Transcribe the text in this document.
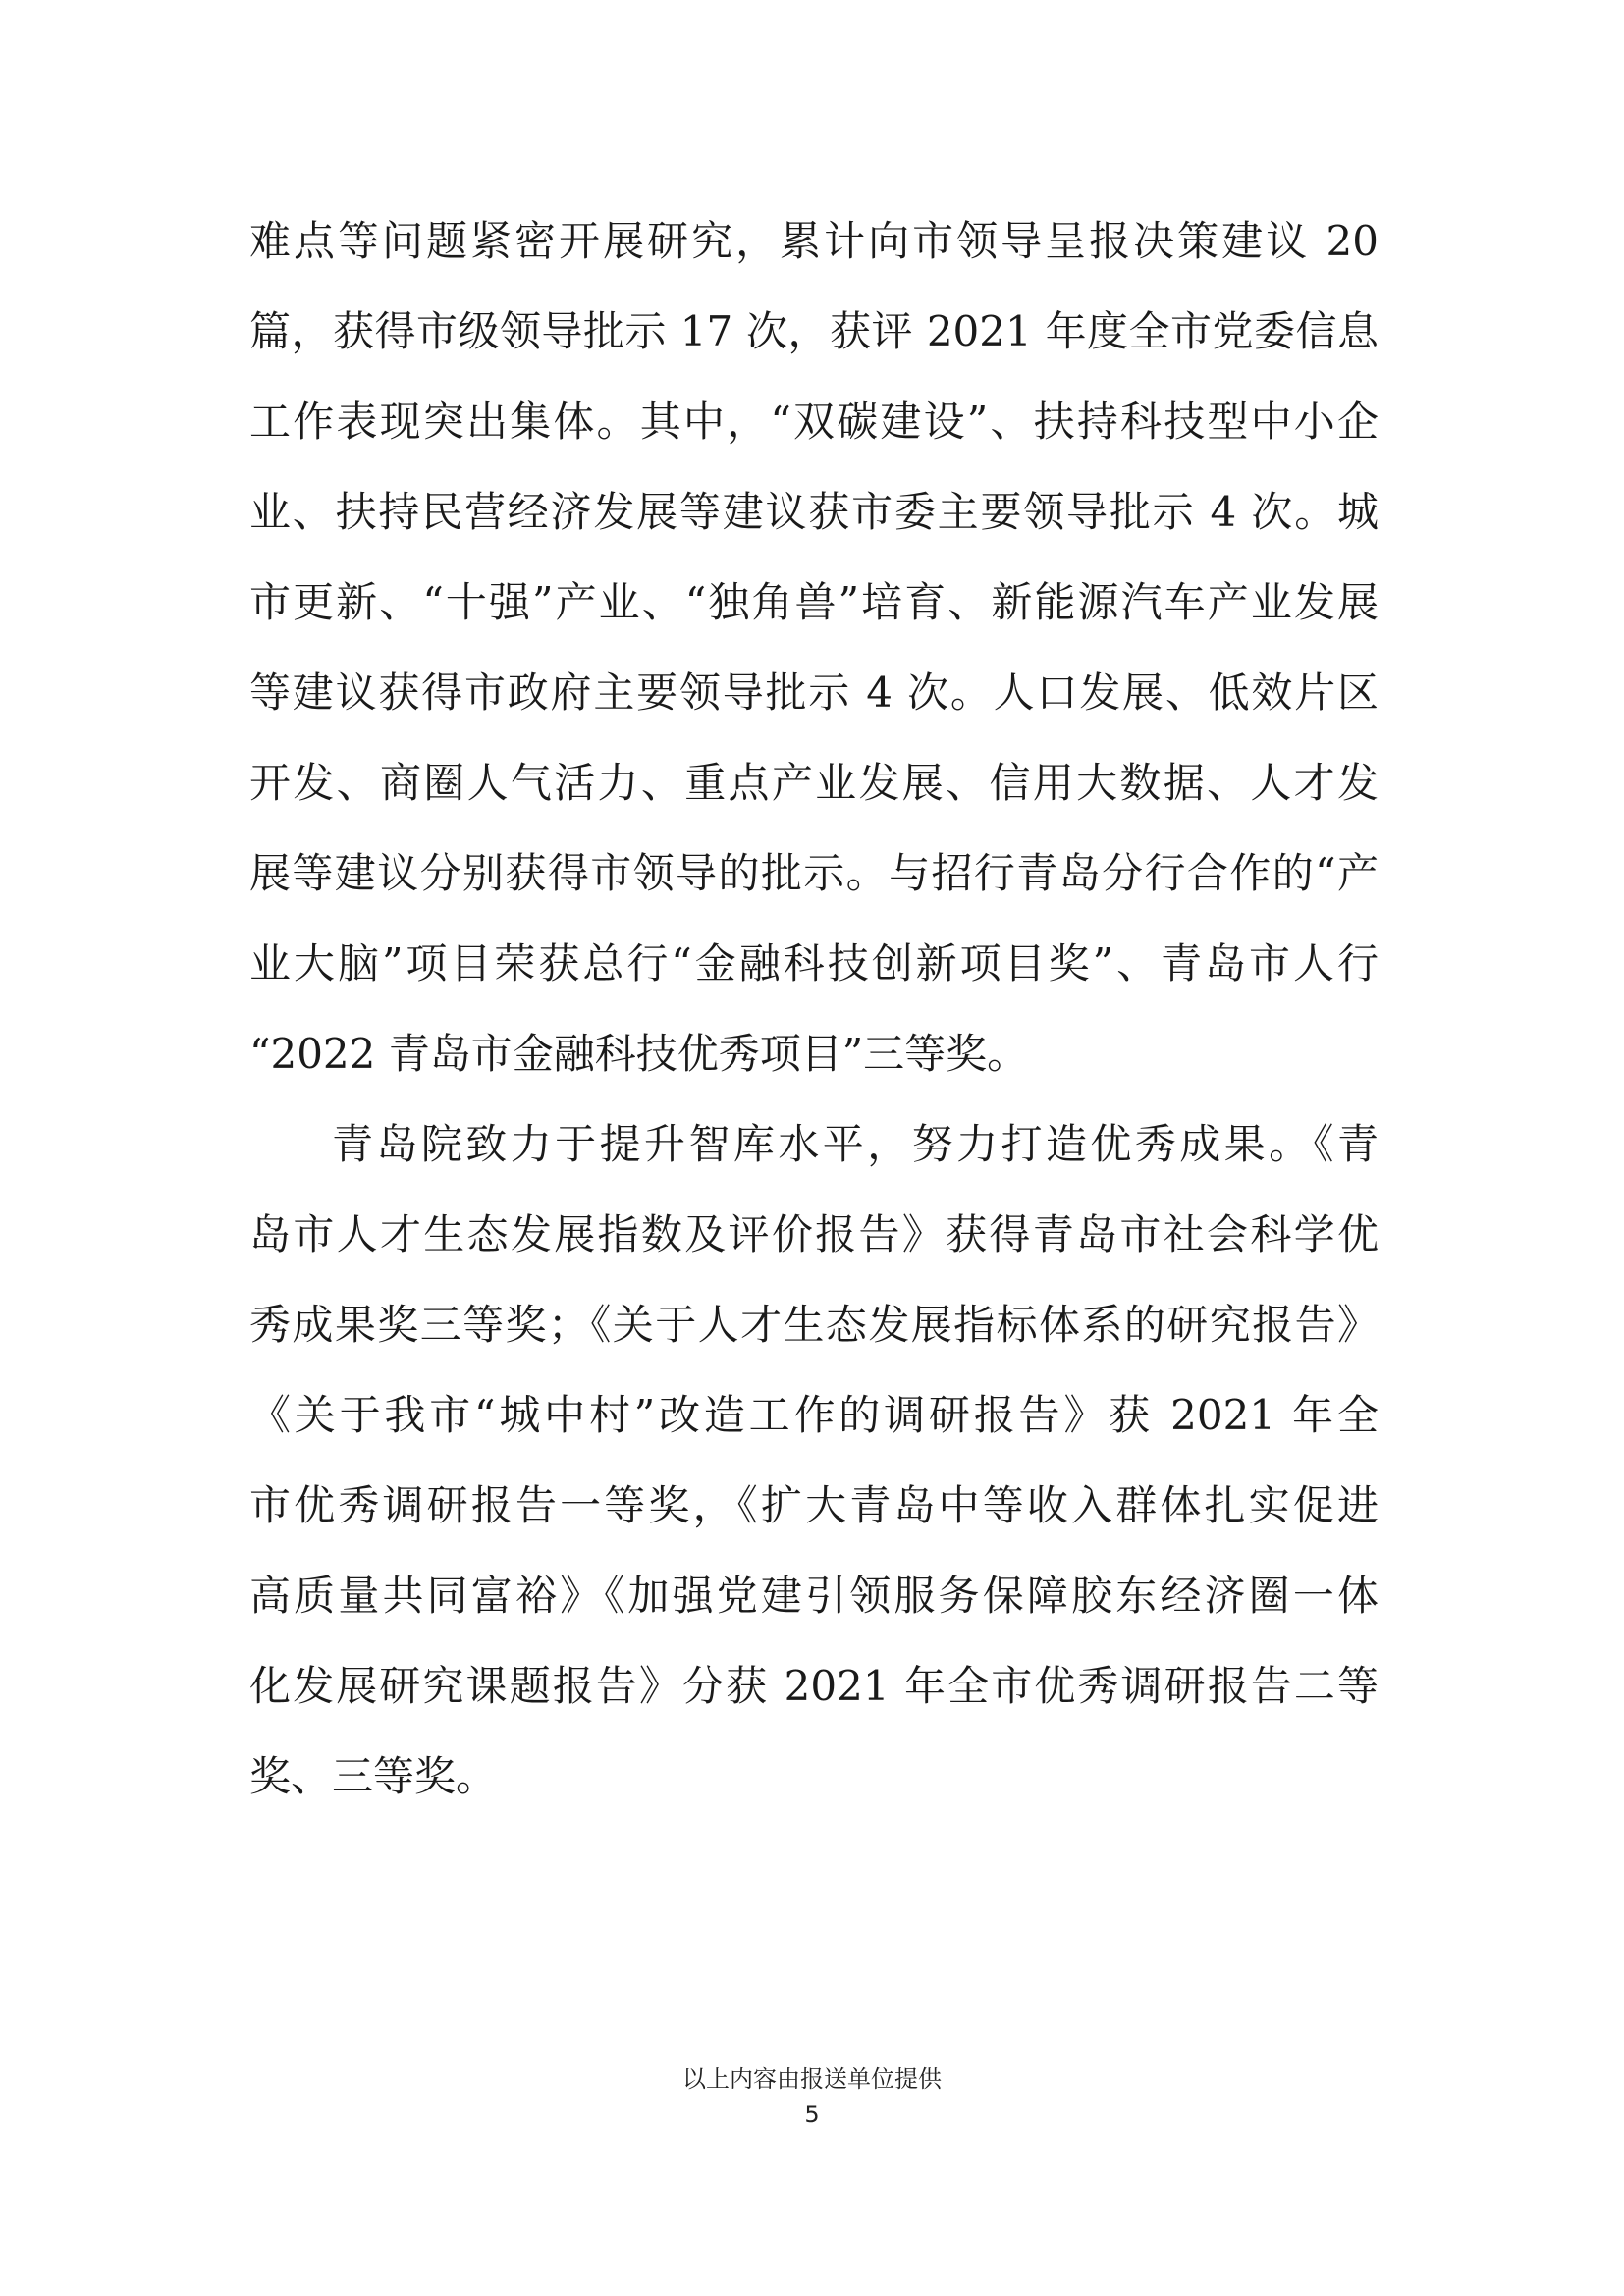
难点等问题紧密开展研究，累计向市领导呈报决策建议 20
篇，获得市级领导批示 17 次，获评 2021 年度全市党委信息
工作表现突出集体。其中，“双碳建设”、扶持科技型中小企
业、扶持民营经济发展等建议获市委主要领导批示 4 次。城
市更新、“十强”产业、“独角兽”培育、新能源汽车产业发展
等建议获得市政府主要领导批示 4 次。人口发展、低效片区
开发、商圈人气活力、重点产业发展、信用大数据、人才发
展等建议分别获得市领导的批示。与招行青岛分行合作的“产
业大脑”项目荣获总行“金融科技创新项目奖”、青岛市人行
“2022 青岛市金融科技优秀项目”三等奖。

青岛院致力于提升智库水平，努力打造优秀成果。《青
岛市人才生态发展指数及评价报告》获得青岛市社会科学优
秀成果奖三等奖；《关于人才生态发展指标体系的研究报告》
《关于我市“城中村”改造工作的调研报告》获 2021 年全
市优秀调研报告一等奖，《扩大青岛中等收入群体扎实促进
高质量共同富裕》《加强党建引领服务保障胶东经济圈一体
化发展研究课题报告》分获 2021 年全市优秀调研报告二等
奖、三等奖。

以上内容由报送单位提供
5
